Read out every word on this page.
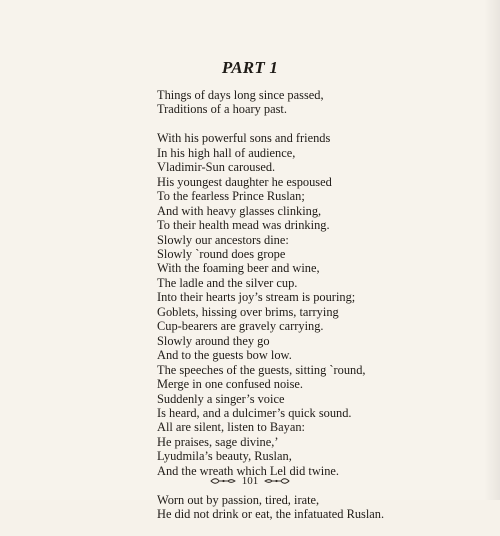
PART 1
Things of days long since passed,
Traditions of a hoary past.
With his powerful sons and friends
In his high hall of audience,
Vladimir-Sun caroused.
His youngest daughter he espoused
To the fearless Prince Ruslan;
And with heavy glasses clinking,
To their health mead was drinking.
Slowly our ancestors dine:
Slowly `round does grope
With the foaming beer and wine,
The ladle and the silver cup.
Into their hearts joy’s stream is pouring;
Goblets, hissing over brims, tarrying
Cup-bearers are gravely carrying.
Slowly around they go
And to the guests bow low.
The speeches of the guests, sitting `round,
Merge in one confused noise.
Suddenly a singer’s voice
Is heard, and a dulcimer’s quick sound.
All are silent, listen to Bayan:
He praises, sage divine,’
Lyudmila’s beauty, Ruslan,
And the wreath which Lel did twine.
Worn out by passion, tired, irate,
He did not drink or eat, the infatuated Ruslan.
101
